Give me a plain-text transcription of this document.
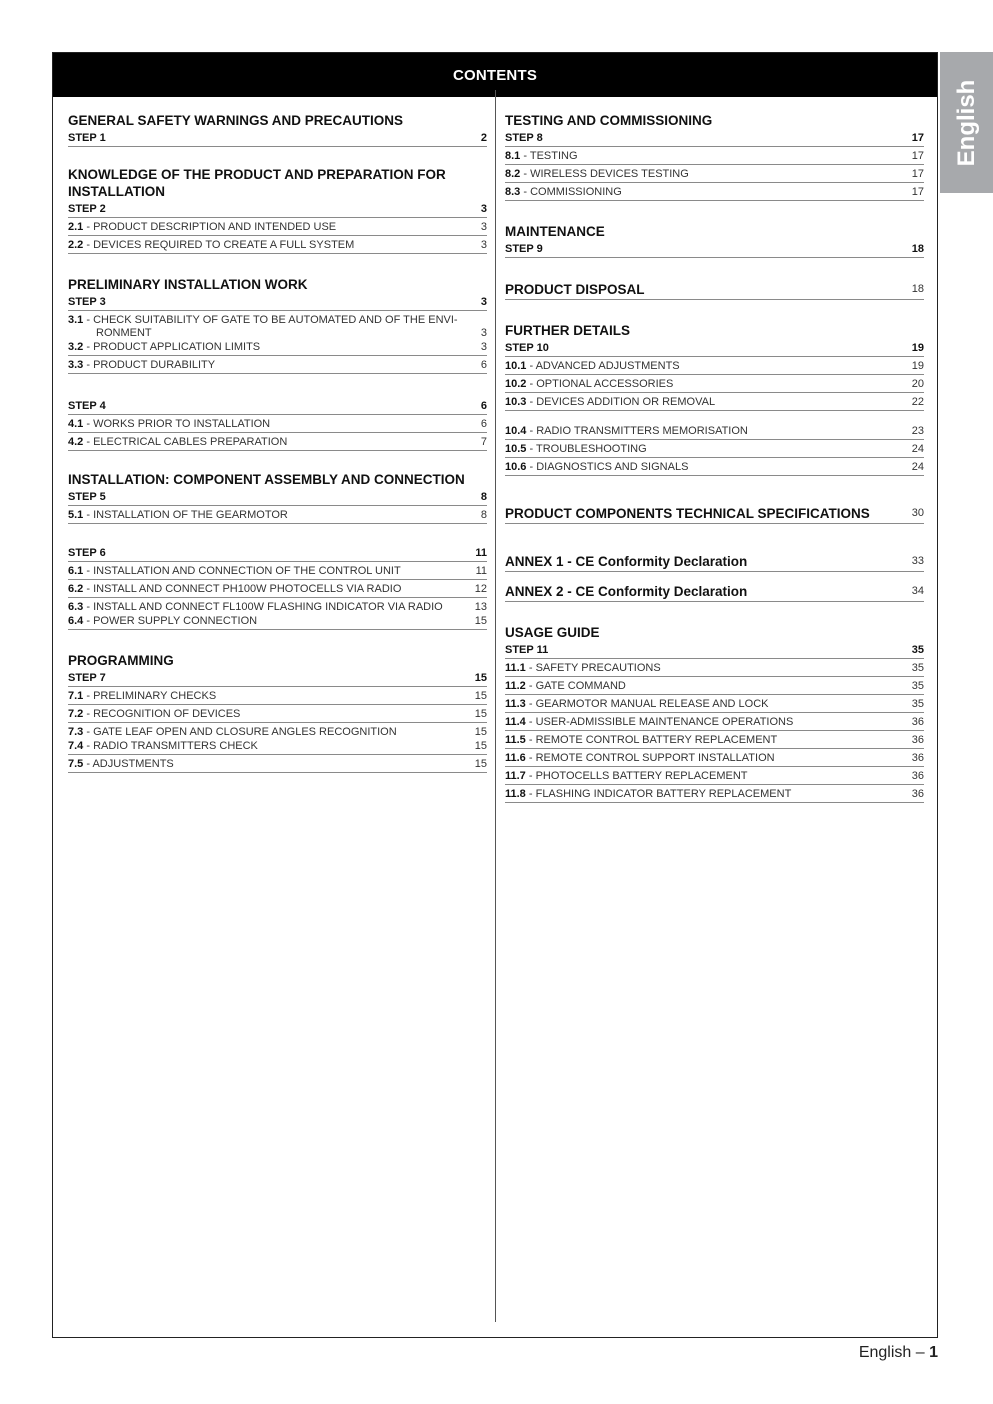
CONTENTS
English
GENERAL SAFETY WARNINGS AND PRECAUTIONS
STEP 1	2
KNOWLEDGE OF THE PRODUCT AND PREPARATION FOR INSTALLATION
STEP 2	3
2.1 - PRODUCT DESCRIPTION AND INTENDED USE	3
2.2 - DEVICES REQUIRED TO CREATE A FULL SYSTEM	3
PRELIMINARY INSTALLATION WORK
STEP 3	3
3.1 - CHECK SUITABILITY OF GATE TO BE AUTOMATED AND OF THE ENVI-RONMENT	3
3.2 - PRODUCT APPLICATION LIMITS	3
3.3 - PRODUCT DURABILITY	6
STEP 4	6
4.1 - WORKS PRIOR TO INSTALLATION	6
4.2 - ELECTRICAL CABLES PREPARATION	7
INSTALLATION: COMPONENT ASSEMBLY AND CONNECTION
STEP 5	8
5.1 - INSTALLATION OF THE GEARMOTOR	8
STEP 6	11
6.1 - INSTALLATION AND CONNECTION OF THE CONTROL UNIT	11
6.2 - INSTALL AND CONNECT PH100W PHOTOCELLS VIA RADIO	12
6.3 - INSTALL AND CONNECT FL100W FLASHING INDICATOR VIA RADIO	13
6.4 - POWER SUPPLY CONNECTION	15
PROGRAMMING
STEP 7	15
7.1 - PRELIMINARY CHECKS	15
7.2 - RECOGNITION OF DEVICES	15
7.3 - GATE LEAF OPEN AND CLOSURE ANGLES RECOGNITION	15
7.4 - RADIO TRANSMITTERS CHECK	15
7.5 - ADJUSTMENTS	15
TESTING AND COMMISSIONING
STEP 8	17
8.1 - TESTING	17
8.2 - WIRELESS DEVICES TESTING	17
8.3 - COMMISSIONING	17
MAINTENANCE
STEP 9	18
PRODUCT DISPOSAL	18
FURTHER DETAILS
STEP 10	19
10.1 - ADVANCED ADJUSTMENTS	19
10.2 - OPTIONAL ACCESSORIES	20
10.3 - DEVICES ADDITION OR REMOVAL	22
10.4 - RADIO TRANSMITTERS MEMORISATION	23
10.5 - TROUBLESHOOTING	24
10.6 - DIAGNOSTICS AND SIGNALS	24
PRODUCT COMPONENTS TECHNICAL SPECIFICATIONS	30
ANNEX 1 - CE Conformity Declaration	33
ANNEX 2 - CE Conformity Declaration	34
USAGE GUIDE
STEP 11	35
11.1 - SAFETY PRECAUTIONS	35
11.2 - GATE COMMAND	35
11.3 - GEARMOTOR MANUAL RELEASE AND LOCK	35
11.4 - USER-ADMISSIBLE MAINTENANCE OPERATIONS	36
11.5 - REMOTE CONTROL BATTERY REPLACEMENT	36
11.6 - REMOTE CONTROL SUPPORT INSTALLATION	36
11.7 - PHOTOCELLS BATTERY REPLACEMENT	36
11.8 - FLASHING INDICATOR BATTERY REPLACEMENT	36
English – 1
